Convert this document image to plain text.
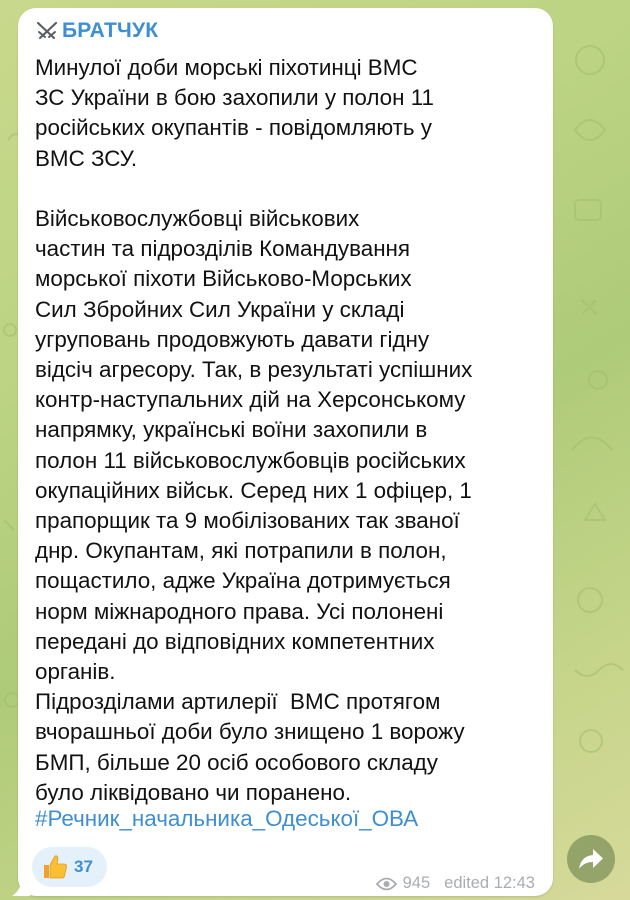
БРАТЧУК

Минулої доби морські піхотинці ВМС
ЗС України в бою захопили у полон 11
російських окупантів - повідомляють у
ВМС ЗСУ.

Військовослужбовці військових
частин та підрозділів Командування
морської піхоти Військово-Морських
Сил Збройних Сил України у складі
угруповань продовжують давати гідну
відсіч агресору. Так, в результаті успішних
контр-наступальних дій на Херсонському
напрямку, українські воїни захопили в
полон 11 військовослужбовців російських
окупаційних військ. Серед них 1 офіцер, 1
прапорщик та 9 мобілізованих так званої
днр. Окупантам, які потрапили в полон,
пощастило, адже Україна дотримується
норм міжнародного права. Усі полонені
передані до відповідних компетентних
органів.
Підрозділами артилерії  ВМС протягом
вчорашньої доби було знищено 1 ворожу
БМП, більше 20 осіб особового складу
було ліквідовано чи поранено.

#Речник_начальника_Одеської_ОВА
37
945 edited 12:43
